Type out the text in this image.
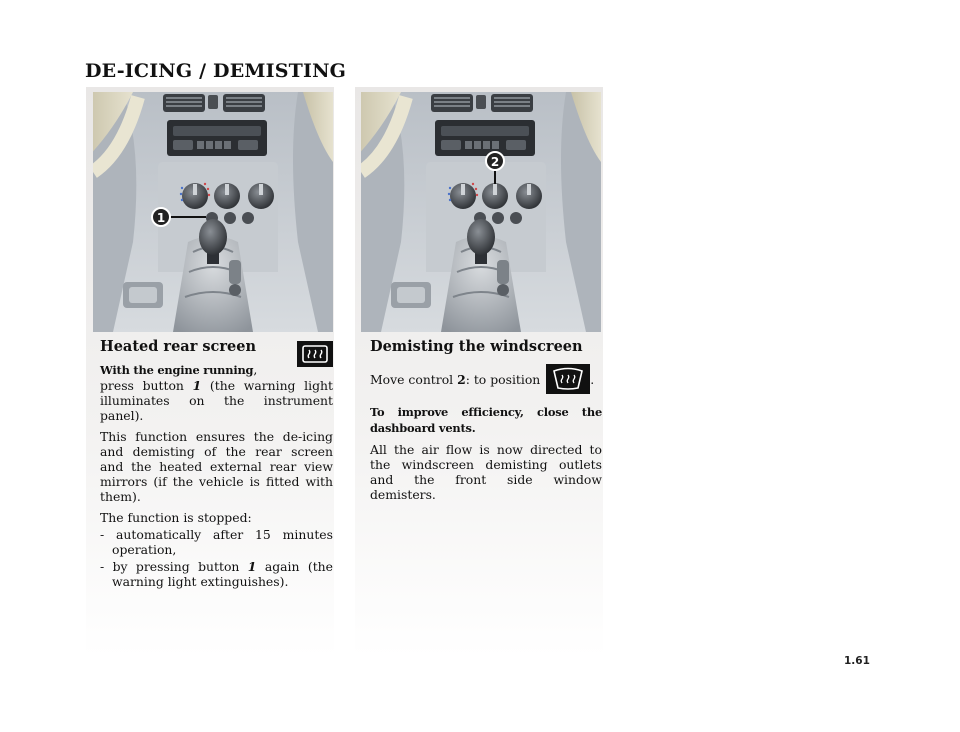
DE-ICING / DEMISTING
1
2
Heated rear screen

With the engine running,
press button 1 (the warning light illuminates on the instrument panel).

This function ensures the de-icing and demisting of the rear screen and the heated external rear view mirrors (if the vehicle is fitted with them).

The function is stopped:

- automatically after 15 minutes operation,
- by pressing button 1 again (the warning light extinguishes).
Demisting the windscreen
Move control
2 : to position	.

To improve efficiency, close the dashboard vents.

All the air flow is now directed to the windscreen demisting outlets and the front side window demisters.

1.61
